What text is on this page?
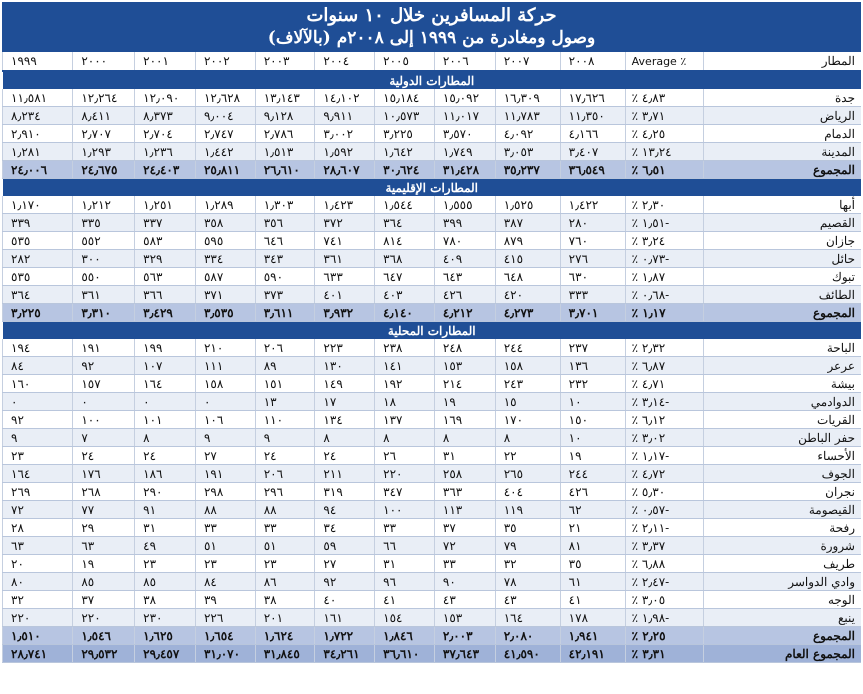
حركة المسافرين خلال ١٠ سنوات
وصول ومغادرة من ١٩٩٩ إلى ٢٠٠٨م (بالآلاف)
المطار	Average ٪	٢٠٠٨	٢٠٠٧	٢٠٠٦	٢٠٠٥	٢٠٠٤	٢٠٠٣	٢٠٠٢	٢٠٠١	٢٠٠٠	١٩٩٩
المطارات الدولية											
جدة	٪ ٤٫٨٣	١٧٫٦٢٦	١٦٫٣٠٩	١٥٫٠٩٢	١٥٫١٨٤	١٤٫١٠٢	١٣٫١٤٣	١٢٫٦٢٨	١٢٫٠٩٠	١٢٫٢٦٤	١١٫٥٨١
الرياض	٪ ٣٫٧١	١١٫٣٥٠	١١٫٧٨٣	١١٫٠١٧	١٠٫٥٧٣	٩٫٩١١	٩٫١٢٨	٩٫٠٠٤	٨٫٣٧٣	٨٫٤١١	٨٫٢٣٤
الدمام	٪ ٤٫٢٥	٤٫١٦٦	٤٫٠٩٢	٣٫٥٧٠	٣٫٢٢٥	٣٫٠٠٢	٢٫٧٨٦	٢٫٧٤٧	٢٫٧٠٤	٢٫٧٠٧	٢٫٩١٠
المدينة	٪ ١٣٫٢٤	٣٫٤٠٧	٣٫٠٥٣	١٫٧٤٩	١٫٦٤٢	١٫٥٩٢	١٫٥١٣	١٫٤٤٢	١٫٢٣٦	١٫٢٩٣	١٫٢٨١
المجموع	٪ ٦٫٥١	٣٦٫٥٤٩	٣٥٫٢٣٧	٣١٫٤٢٨	٣٠٫٦٢٤	٢٨٫٦٠٧	٢٦٫٦١٠	٢٥٫٨١١	٢٤٫٤٠٣	٢٤٫٦٧٥	٢٤٫٠٠٦
المطارات الإقليمية											
أبها	٪ ٢٫٣٠	١٫٤٢٢	١٫٥٢٥	١٫٥٥٥	١٫٥٤٤	١٫٤٢٣	١٫٣٠٣	١٫٢٨٩	١٫٢٥١	١٫٢١٢	١٫١٧٠
القصيم	٪ ١٫٥١-	٢٨٠	٣٨٧	٣٩٩	٣٦٤	٣٧٢	٣٥٦	٣٥٨	٣٣٧	٣٣٥	٣٣٩
جازان	٪ ٣٫٢٤	٧٦٠	٨٧٩	٧٨٠	٨١٤	٧٤١	٦٤٦	٥٩٥	٥٨٣	٥٥٢	٥٣٥
حائل	٪ ٠٫٧٣-	٢٧٦	٤١٥	٤٠٩	٣٦٨	٣٦١	٣٤٣	٣٣٤	٣٢٩	٣٠٠	٢٨٢
تبوك	٪ ١٫٨٧	٦٣٠	٦٤٨	٦٤٣	٦٤٧	٦٣٣	٥٩٠	٥٨٧	٥٦٣	٥٥٠	٥٣٥
الطائف	٪ ٠٫٦٨-	٣٣٣	٤٢٠	٤٢٦	٤٠٣	٤٠١	٣٧٣	٣٧١	٣٦٦	٣٦١	٣٦٤
المجموع	٪ ١٫١٧	٣٫٧٠١	٤٫٢٧٣	٤٫٢١٢	٤٫١٤٠	٣٫٩٣٢	٣٫٦١١	٣٫٥٣٥	٣٫٤٢٩	٣٫٣١٠	٣٫٢٢٥
المطارات المحلية											
الباحة	٪ ٢٫٣٢	٢٣٧	٢٤٤	٢٤٨	٢٣٨	٢٢٣	٢٠٦	٢١٠	١٩٩	١٩١	١٩٤
عرعر	٪ ٦٫٨٧	١٣٦	١٥٨	١٥٣	١٤١	١٣٠	٨٩	١١١	١٠٧	٩٢	٨٤
بيشة	٪ ٤٫٧١	٢٣٢	٢٤٣	٢١٤	١٩٢	١٤٩	١٥١	١٥٨	١٦٤	١٥٧	١٦٠
الدوادمي	٪ ٣٫١٤-	١٠	١٥	١٩	١٨	١٧	١٣	٠	٠	٠	٠
القريات	٪ ٦٫١٢	١٥٠	١٧٠	١٦٩	١٣٧	١٣٤	١١٠	١٠٦	١٠١	١٠٠	٩٢
حفر الباطن	٪ ٣٫٠٢	١٠	٨	٨	٨	٨	٩	٩	٨	٧	٩
الأحساء	٪ ١٫١٧-	١٩	٢٢	٣١	٢٦	٢٤	٢٤	٢٧	٢٤	٢٤	٢٣
الجوف	٪ ٤٫٧٢	٢٤٤	٢٦٥	٢٥٨	٢٢٠	٢١١	٢٠٦	١٩١	١٨٦	١٧٦	١٦٤
نجران	٪ ٥٫٣٠	٤٢٦	٤٠٤	٣٦٣	٣٤٧	٣١٩	٢٩٦	٢٩٨	٢٩٠	٢٦٨	٢٦٩
القيصومة	٪ ٠٫٥٧-	٦٢	١١٩	١١٣	١٠٠	٩٤	٨٨	٨٨	٩١	٧٧	٧٢
رفحة	٪ ٢٫١١-	٢١	٣٥	٣٧	٣٣	٣٤	٣٣	٣٣	٣١	٢٩	٢٨
شرورة	٪ ٣٫٣٧	٨١	٧٩	٧٢	٦٦	٥٩	٥١	٥١	٤٩	٦٣	٦٣
طريف	٪ ٦٫٨٨	٣٥	٣٢	٣٣	٣١	٢٧	٢٣	٢٣	٢٣	١٩	٢٠
وادي الدواسر	٪ ٢٫٤٧-	٦١	٧٨	٩٠	٩٦	٩٢	٨٦	٨٤	٨٥	٨٥	٨٠
الوجه	٪ ٣٫٠٥	٤١	٤٣	٤٣	٤١	٤٠	٣٨	٣٩	٣٨	٣٧	٣٢
ينبع	٪ ١٫٩٨-	١٧٨	١٦٤	١٥٣	١٥٤	١٦١	٢٠١	٢٢٦	٢٣٠	٢٢٠	٢٢٠
المجموع	٪ ٢٫٢٥	١٫٩٤١	٢٫٠٨٠	٢٫٠٠٣	١٫٨٤٦	١٫٧٢٢	١٫٦٢٤	١٫٦٥٤	١٫٦٢٥	١٫٥٤٦	١٫٥١٠
المجموع العام	٪ ٣٫٣١	٤٢٫١٩١	٤١٫٥٩٠	٣٧٫٦٤٣	٣٦٫٦١٠	٣٤٫٢٦١	٣١٫٨٤٥	٣١٫٠٧٠	٢٩٫٤٥٧	٢٩٫٥٣٢	٢٨٫٧٤١
